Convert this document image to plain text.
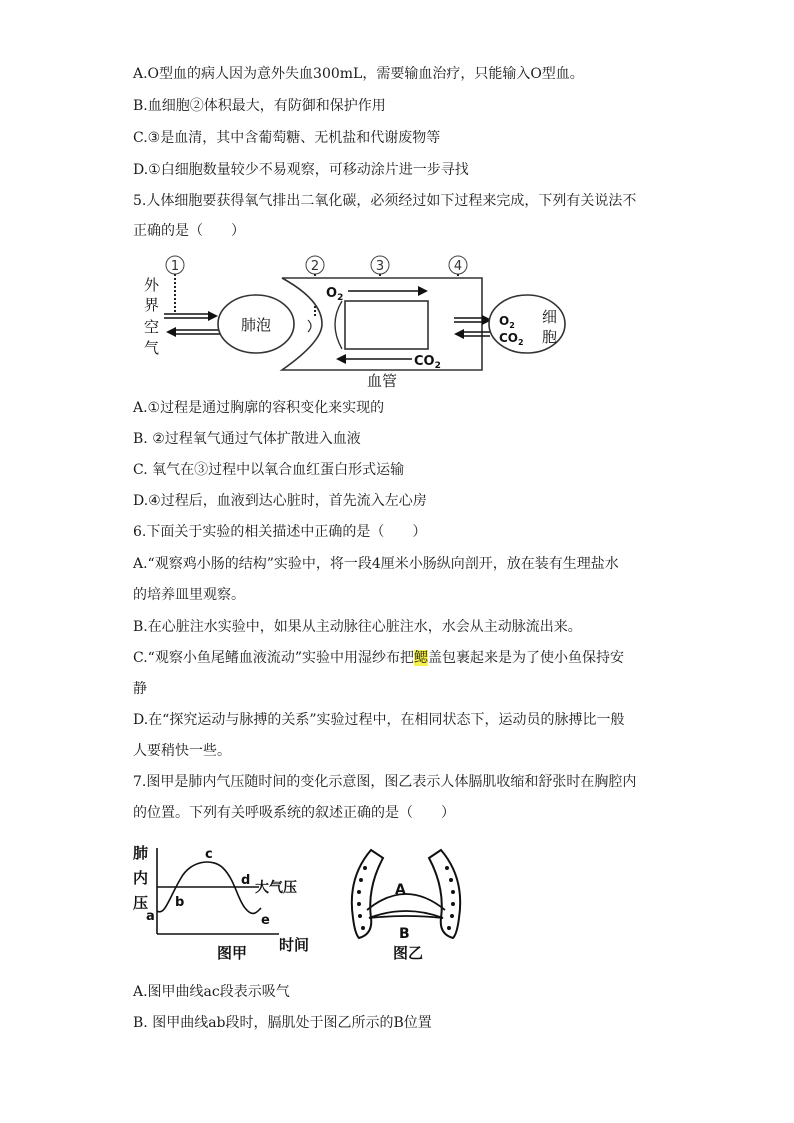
A.O型血的病人因为意外失血300mL，需要输血治疗，只能输入O型血。
B.血细胞②体积最大，有防御和保护作用
C.③是血清，其中含葡萄糖、无机盐和代谢废物等
D.①白细胞数量较少不易观察，可移动涂片进一步寻找
5.人体细胞要获得氧气排出二氧化碳，必须经过如下过程来完成，下列有关说法不
正确的是（　　）
1	2	3	4
外
界
空
气
肺泡
$O_2$
$CO_2$
血管
$O_2$
$CO_2$
细
胞
A.①过程是通过胸廓的容积变化来实现的
B. ②过程氧气通过气体扩散进入血液
C. 氧气在③过程中以氧合血红蛋白形式运输
D.④过程后，血液到达心脏时，首先流入左心房
6.下面关于实验的相关描述中正确的是（　　）
A.“观察鸡小肠的结构”实验中，将一段4厘米小肠纵向剖开，放在装有生理盐水
的培养皿里观察。
B.在心脏注水实验中，如果从主动脉往心脏注水，水会从主动脉流出来。
C.“观察小鱼尾鳍血液流动”实验中用湿纱布把鳃盖包裹起来是为了使小鱼保持安
静
D.在“探究运动与脉搏的关系”实验过程中，在相同状态下，运动员的脉搏比一般
人要稍快一些。
7.图甲是肺内气压随时间的变化示意图，图乙表示人体膈肌收缩和舒张时在胸腔内
的位置。下列有关呼吸系统的叙述正确的是（　　）
肺
内
压
a
b
c
d
e
大气压
时间
图甲
A
B
图乙
A.图甲曲线ac段表示吸气
B. 图甲曲线ab段时，膈肌处于图乙所示的B位置
